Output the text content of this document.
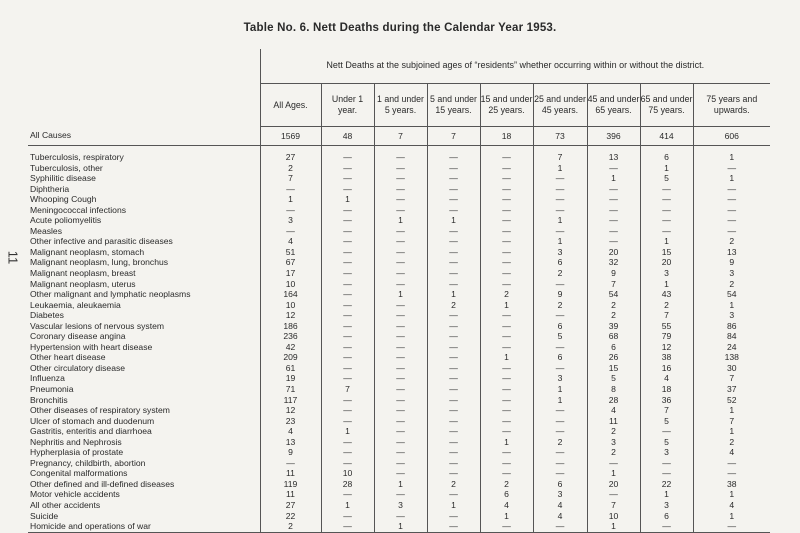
11
Table No. 6. Nett Deaths during the Calendar Year 1953.
	Nett Deaths at the subjoined ages of “residents” whether occurring within or without the district.								
	All Ages.	Under 1 year.	1 and under 5 years.	5 and under 15 years.	15 and under 25 years.	25 and under 45 years.	45 and under 65 years.	65 and under 75 years.	75 years and upwards.
All Causes	1569	48	7	7	18	73	396	414	606

Tuberculosis, respiratory	27	—	—	—	—	7	13	6	1
Tuberculosis, other	2	—	—	—	—	1	—	1	—
Syphilitic disease	7	—	—	—	—	—	1	5	1
Diphtheria	—	—	—	—	—	—	—	—	—
Whooping Cough	1	1	—	—	—	—	—	—	—
Meningococcal infections	—	—	—	—	—	—	—	—	—
Acute poliomyelitis	3	—	1	1	—	1	—	—	—
Measles	—	—	—	—	—	—	—	—	—
Other infective and parasitic diseases	4	—	—	—	—	1	—	1	2
Malignant neoplasm, stomach	51	—	—	—	—	3	20	15	13
Malignant neoplasm, lung, bronchus	67	—	—	—	—	6	32	20	9
Malignant neoplasm, breast	17	—	—	—	—	2	9	3	3
Malignant neoplasm, uterus	10	—	—	—	—	—	7	1	2
Other malignant and lymphatic neoplasms	164	—	1	1	2	9	54	43	54
Leukaemia, aleukaemia	10	—	—	2	1	2	2	2	1
Diabetes	12	—	—	—	—	—	2	7	3
Vascular lesions of nervous system	186	—	—	—	—	6	39	55	86
Coronary disease angina	236	—	—	—	—	5	68	79	84
Hypertension with heart disease	42	—	—	—	—	—	6	12	24
Other heart disease	209	—	—	—	1	6	26	38	138
Other circulatory disease	61	—	—	—	—	—	15	16	30
Influenza	19	—	—	—	—	3	5	4	7
Pneumonia	71	7	—	—	—	1	8	18	37
Bronchitis	117	—	—	—	—	1	28	36	52
Other diseases of respiratory system	12	—	—	—	—	—	4	7	1
Ulcer of stomach and duodenum	23	—	—	—	—	—	11	5	7
Gastritis, enteritis and diarrhoea	4	1	—	—	—	—	2	—	1
Nephritis and Nephrosis	13	—	—	—	1	2	3	5	2
Hypherplasia of prostate	9	—	—	—	—	—	2	3	4
Pregnancy, childbirth, abortion	—	—	—	—	—	—	—	—	—
Congenital malformations	11	10	—	—	—	—	1	—	—
Other defined and ill-defined diseases	119	28	1	2	2	6	20	22	38
Motor vehicle accidents	11	—	—	—	6	3	—	1	1
All other accidents	27	1	3	1	4	4	7	3	4
Suicide	22	—	—	—	1	4	10	6	1
Homicide and operations of war	2	—	1	—	—	—	1	—	—
